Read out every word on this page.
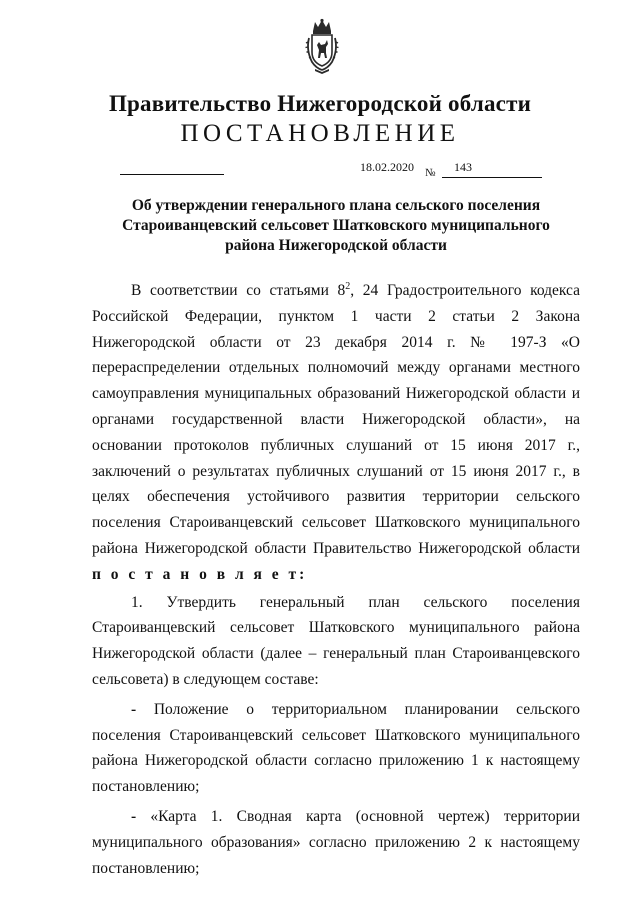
Правительство Нижегородской области
ПОСТАНОВЛЕНИЕ
18.02.2020 № 143
Об утверждении генерального плана сельского поселения
Староиванцевский сельсовет Шатковского муниципального
района Нижегородской области

В соответствии со статьями $8^2$, 24 Градостроительного кодекса Российской Федерации, пунктом 1 части 2 статьи 2 Закона Нижегородской области от 23 декабря 2014 г. № 197-З «О перераспределении отдельных полномочий между органами местного самоуправления муниципальных образований Нижегородской области и органами государственной власти Нижегородской области», на основании протоколов публичных слушаний от 15 июня 2017 г., заключений о результатах публичных слушаний от 15 июня 2017 г., в целях обеспечения устойчивого развития территории сельского поселения Староиванцевский сельсовет Шатковского муниципального района Нижегородской области Правительство Нижегородской области п о с т а н о в л я е т:

1. Утвердить генеральный план сельского поселения Староиванцевский сельсовет Шатковского муниципального района Нижегородской области (далее – генеральный план Староиванцевского сельсовета) в следующем составе:

- Положение о территориальном планировании сельского поселения Староиванцевский сельсовет Шатковского муниципального района Нижегородской области согласно приложению 1 к настоящему постановлению;

- «Карта 1. Сводная карта (основной чертеж) территории муниципального образования» согласно приложению 2 к настоящему постановлению;
